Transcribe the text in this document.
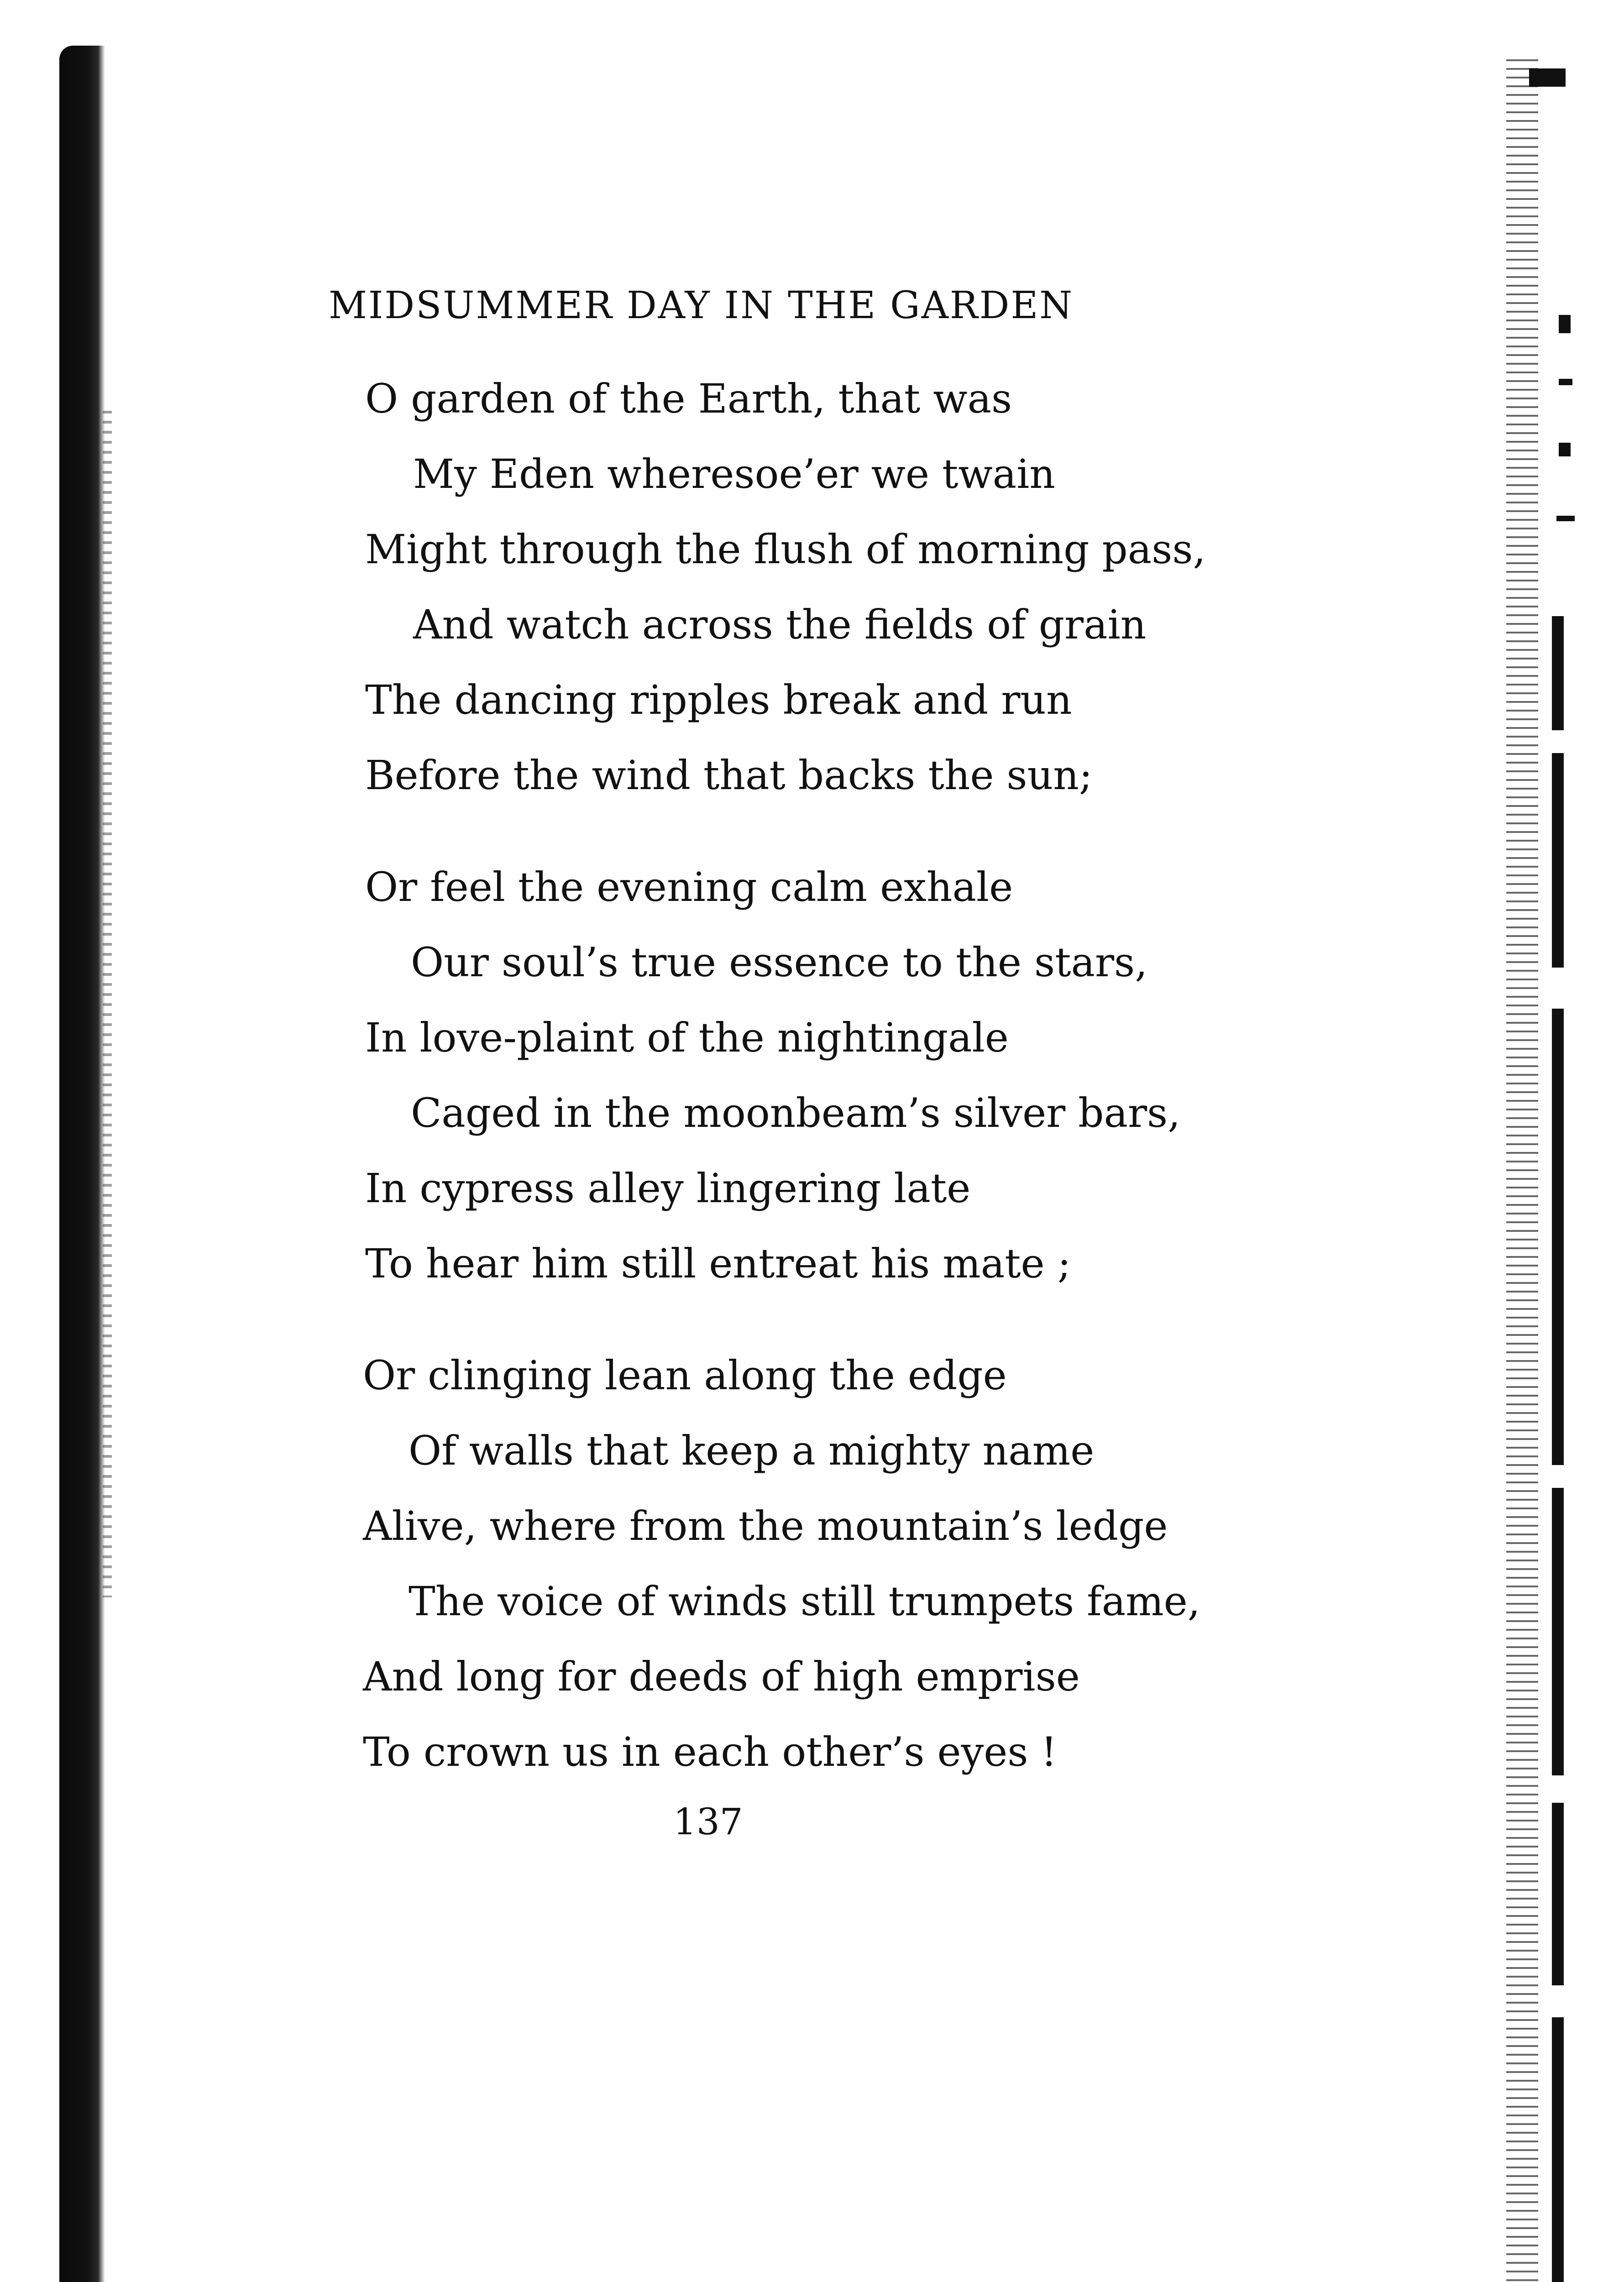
MIDSUMMER DAY IN THE GARDEN
O garden of the Earth, that was
My Eden wheresoe’er we twain
Might through the flush of morning pass,
And watch across the fields of grain
The dancing ripples break and run
Before the wind that backs the sun;
Or feel the evening calm exhale
Our soul’s true essence to the stars,
In love-plaint of the nightingale
Caged in the moonbeam’s silver bars,
In cypress alley lingering late
To hear him still entreat his mate ;
Or clinging lean along the edge
Of walls that keep a mighty name
Alive, where from the mountain’s ledge
The voice of winds still trumpets fame,
And long for deeds of high emprise
To crown us in each other’s eyes !
137
